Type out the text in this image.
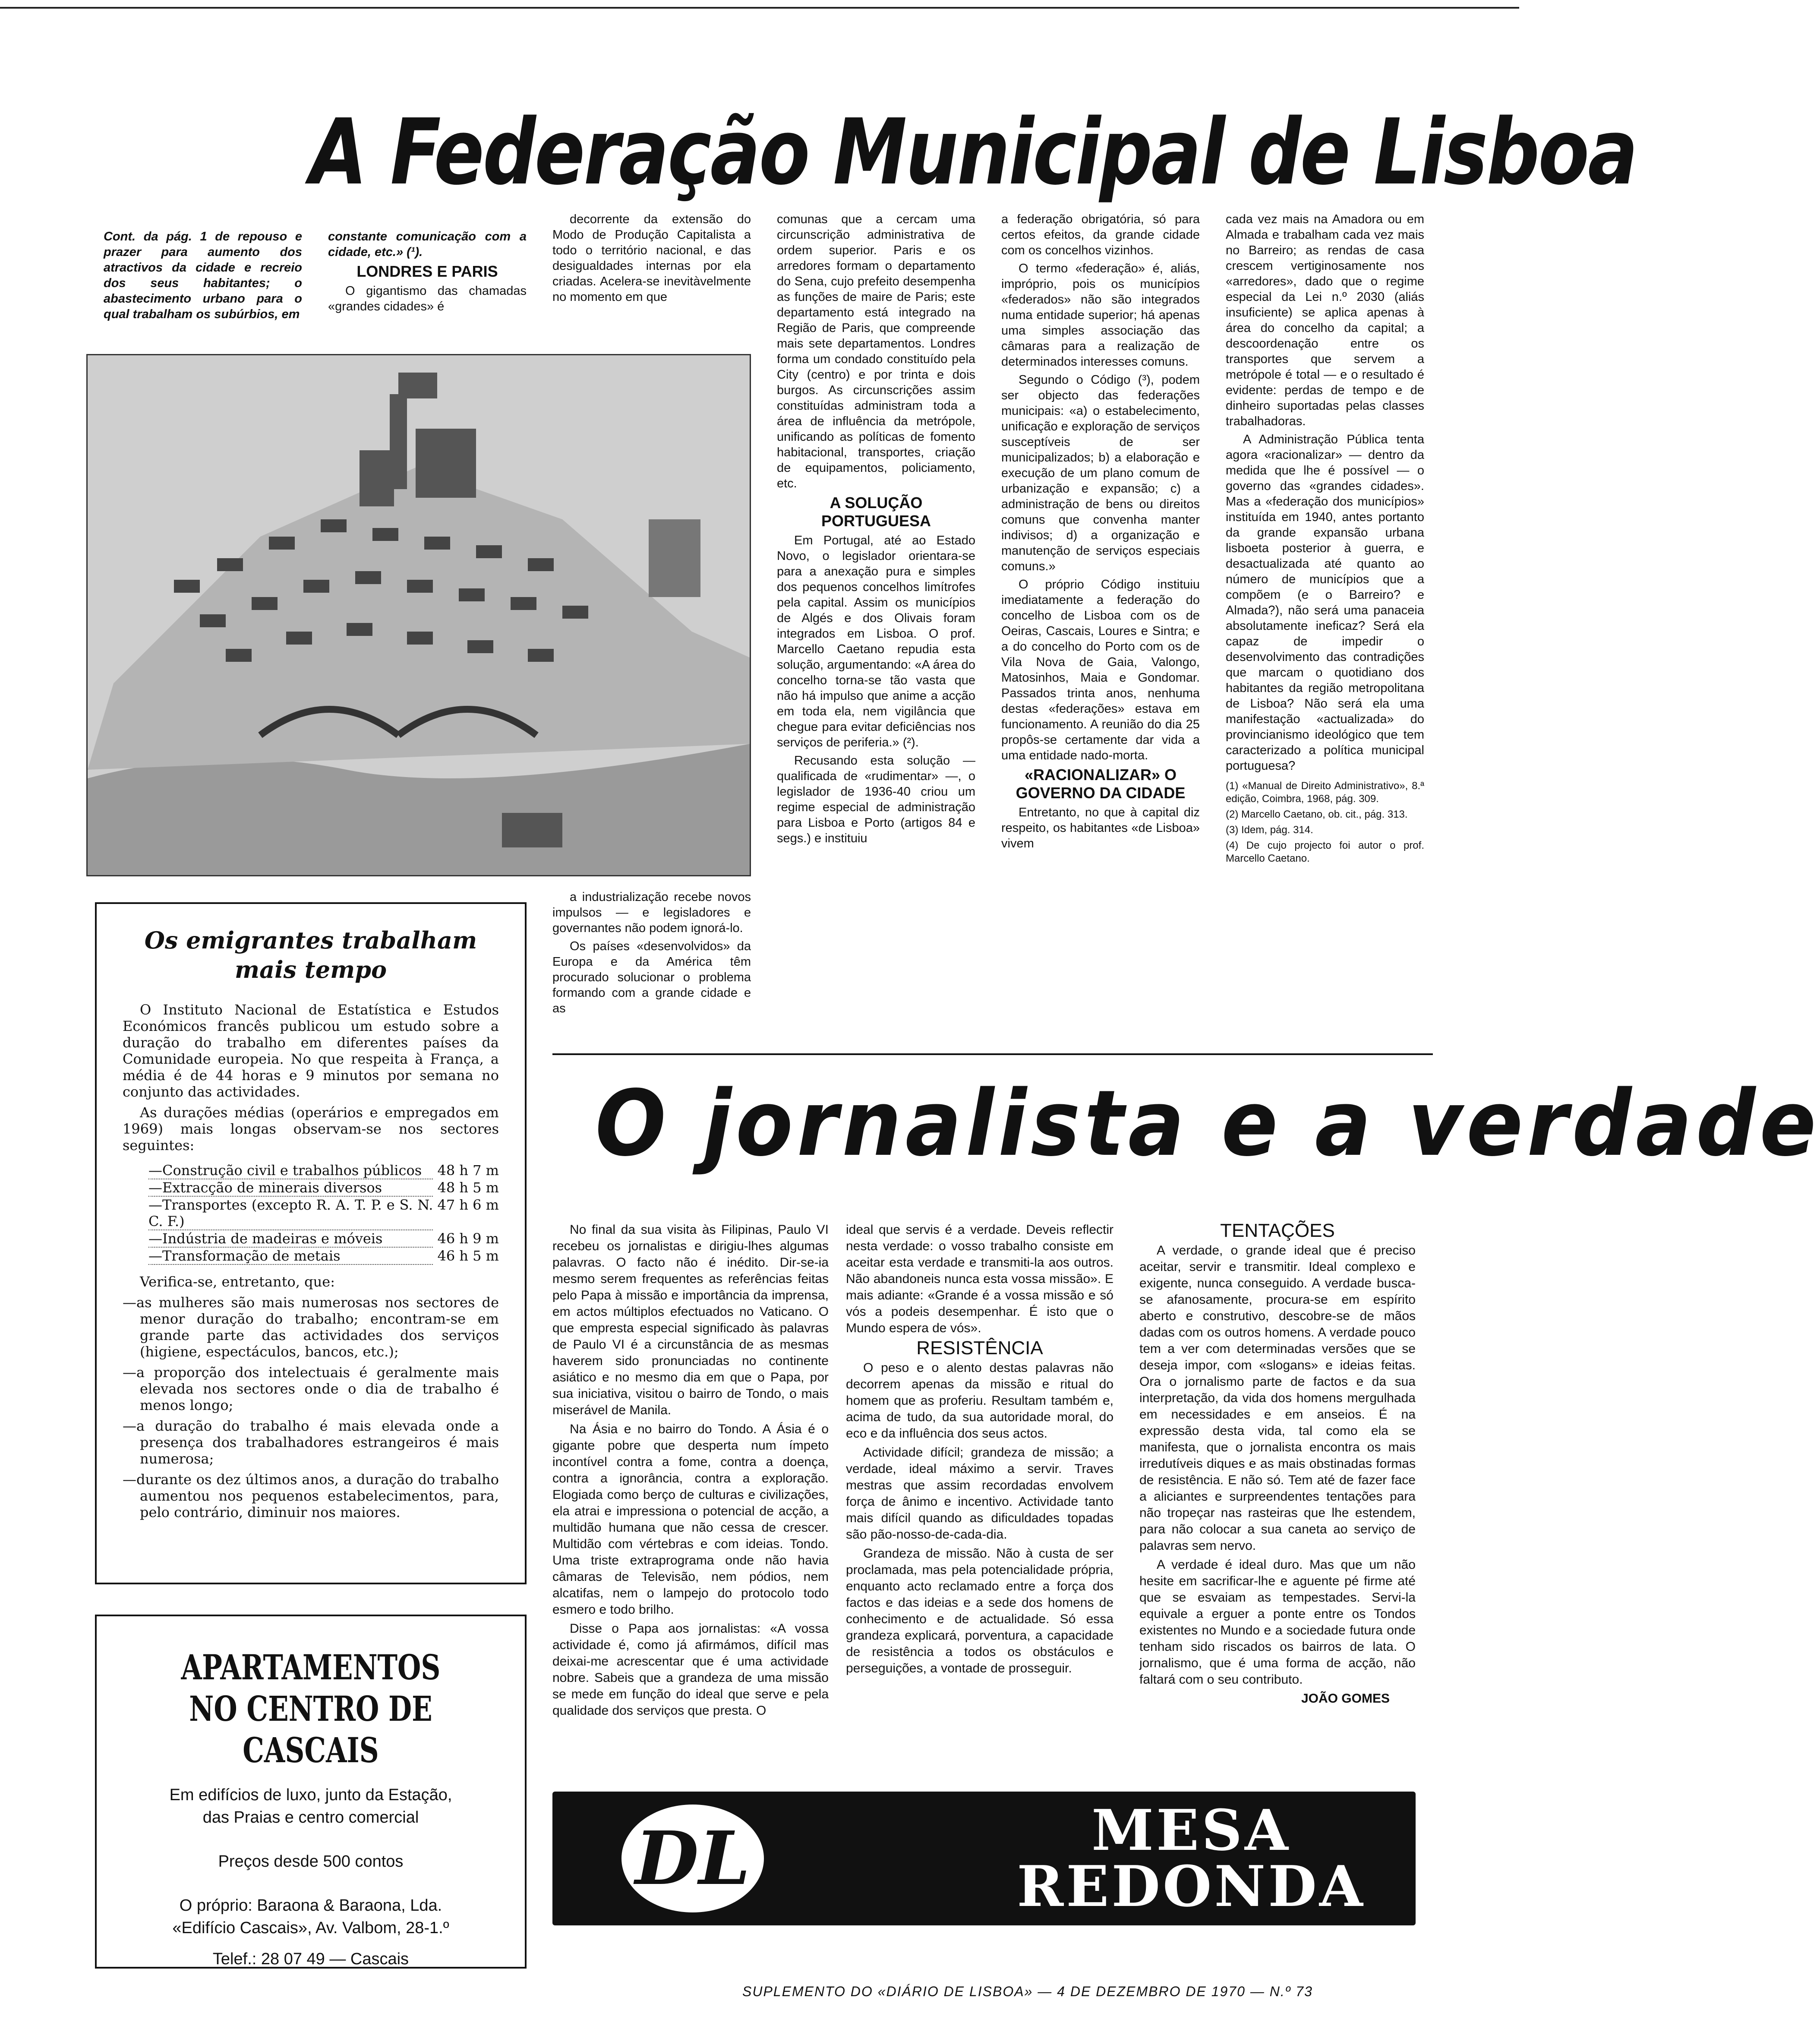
A Federação Municipal de Lisboa

Cont. da pág. 1 de repouso e prazer para aumento dos atractivos da cidade e recreio dos seus habitantes; o abastecimento urbano para o qual trabalham os subúrbios, em

constante comunicação com a cidade, etc.» (¹).

LONDRES E PARIS

O gigantismo das chamadas «grandes cidades» é

decorrente da extensão do Modo de Produção Capitalista a todo o território nacional, e das desigualdades internas por ela criadas. Acelera-se inevitàvelmente no momento em que

a industrialização recebe novos impulsos — e legisladores e governantes não podem ignorá-lo.

Os países «desenvolvidos» da Europa e da América têm procurado solucionar o problema formando com a grande cidade e as

comunas que a cercam uma circunscrição administrativa de ordem superior. Paris e os arredores formam o departamento do Sena, cujo prefeito desempenha as funções de maire de Paris; este departamento está integrado na Região de Paris, que compreende mais sete departamentos. Londres forma um condado constituído pela City (centro) e por trinta e dois burgos. As circunscrições assim constituídas administram toda a área de influência da metrópole, unificando as políticas de fomento habitacional, transportes, criação de equipamentos, policiamento, etc.

A SOLUÇÃO PORTUGUESA

Em Portugal, até ao Estado Novo, o legislador orientara-se para a anexação pura e simples dos pequenos concelhos limítrofes pela capital. Assim os municípios de Algés e dos Olivais foram integrados em Lisboa. O prof. Marcello Caetano repudia esta solução, argumentando: «A área do concelho torna-se tão vasta que não há impulso que anime a acção em toda ela, nem vigilância que chegue para evitar deficiências nos serviços de periferia.» (²).

Recusando esta solução — qualificada de «rudimentar» —, o legislador de 1936-40 criou um regime especial de administração para Lisboa e Porto (artigos 84 e segs.) e instituiu

a federação obrigatória, só para certos efeitos, da grande cidade com os concelhos vizinhos.

O termo «federação» é, aliás, impróprio, pois os municípios «federados» não são integrados numa entidade superior; há apenas uma simples associação das câmaras para a realização de determinados interesses comuns.

Segundo o Código (³), podem ser objecto das federações municipais: «a) o estabelecimento, unificação e exploração de serviços susceptíveis de ser municipalizados; b) a elaboração e execução de um plano comum de urbanização e expansão; c) a administração de bens ou direitos comuns que convenha manter indivisos; d) a organização e manutenção de serviços especiais comuns.»

O próprio Código instituiu imediatamente a federação do concelho de Lisboa com os de Oeiras, Cascais, Loures e Sintra; e a do concelho do Porto com os de Vila Nova de Gaia, Valongo, Matosinhos, Maia e Gondomar. Passados trinta anos, nenhuma destas «federações» estava em funcionamento. A reunião do dia 25 propôs-se certamente dar vida a uma entidade nado-morta.

«RACIONALIZAR» O GOVERNO DA CIDADE

Entretanto, no que à capital diz respeito, os habitantes «de Lisboa» vivem

cada vez mais na Amadora ou em Almada e trabalham cada vez mais no Barreiro; as rendas de casa crescem vertiginosamente nos «arredores», dado que o regime especial da Lei n.º 2030 (aliás insuficiente) se aplica apenas à área do concelho da capital; a descoordenação entre os transportes que servem a metrópole é total — e o resultado é evidente: perdas de tempo e de dinheiro suportadas pelas classes trabalhadoras.

A Administração Pública tenta agora «racionalizar» — dentro da medida que lhe é possível — o governo das «grandes cidades». Mas a «federação dos municípios» instituída em 1940, antes portanto da grande expansão urbana lisboeta posterior à guerra, e desactualizada até quanto ao número de municípios que a compõem (e o Barreiro? e Almada?), não será uma panaceia absolutamente ineficaz? Será ela capaz de impedir o desenvolvimento das contradições que marcam o quotidiano dos habitantes da região metropolitana de Lisboa? Não será ela uma manifestação «actualizada» do provincianismo ideológico que tem caracterizado a política municipal portuguesa?

(1) «Manual de Direito Administrativo», 8.ª edição, Coimbra, 1968, pág. 309.

(2) Marcello Caetano, ob. cit., pág. 313.

(3) Idem, pág. 314.

(4) De cujo projecto foi autor o prof. Marcello Caetano.

Os emigrantes trabalham mais tempo

O Instituto Nacional de Estatística e Estudos Económicos francês publicou um estudo sobre a duração do trabalho em diferentes países da Comunidade europeia. No que respeita à França, a média é de 44 horas e 9 minutos por semana no conjunto das actividades.

As durações médias (operários e empregados em 1969) mais longas observam-se nos sectores seguintes:

—Construção civil e trabalhos públicos	48 h 7 m
—Extracção de minerais diversos	48 h 5 m
—Transportes (excepto R. A. T. P. e S. N. C. F.)
47 h 6 m
—Indústria de madeiras e móveis	46 h 9 m
—Transformação de metais	46 h 5 m

Verifica-se, entretanto, que:

—as mulheres são mais numerosas nos sectores de menor duração do trabalho; encontram-se em grande parte das actividades dos serviços (higiene, espectáculos, bancos, etc.);

—a proporção dos intelectuais é geralmente mais elevada nos sectores onde o dia de trabalho é menos longo;

—a duração do trabalho é mais elevada onde a presença dos trabalhadores estrangeiros é mais numerosa;

—durante os dez últimos anos, a duração do trabalho aumentou nos pequenos estabelecimentos, para, pelo contrário, diminuir nos maiores.

APARTAMENTOS
NO CENTRO DE CASCAIS

Em edifícios de luxo, junto da Estação,

das Praias e centro comercial

Preços desde 500 contos

O próprio: Baraona & Baraona, Lda.

«Edifício Cascais», Av. Valbom, 28-1.º

Telef.: 28 07 49 — Cascais

O jornalista e a verdade

No final da sua visita às Filipinas, Paulo VI recebeu os jornalistas e dirigiu-lhes algumas palavras. O facto não é inédito. Dir-se-ia mesmo serem frequentes as referências feitas pelo Papa à missão e importância da imprensa, em actos múltiplos efectuados no Vaticano. O que empresta especial significado às palavras de Paulo VI é a circunstância de as mesmas haverem sido pronunciadas no continente asiático e no mesmo dia em que o Papa, por sua iniciativa, visitou o bairro de Tondo, o mais miserável de Manila.

Na Ásia e no bairro do Tondo. A Ásia é o gigante pobre que desperta num ímpeto incontível contra a fome, contra a doença, contra a ignorância, contra a exploração. Elogiada como berço de culturas e civilizações, ela atrai e impressiona o potencial de acção, a multidão humana que não cessa de crescer. Multidão com vértebras e com ideias. Tondo. Uma triste extraprograma onde não havia câmaras de Televisão, nem pódios, nem alcatifas, nem o lampejo do protocolo todo esmero e todo brilho.

Disse o Papa aos jornalistas: «A vossa actividade é, como já afirmámos, difícil mas deixai-me acrescentar que é uma actividade nobre. Sabeis que a grandeza de uma missão se mede em função do ideal que serve e pela qualidade dos serviços que presta. O

ideal que servis é a verdade. Deveis reflectir nesta verdade: o vosso trabalho consiste em aceitar esta verdade e transmiti-la aos outros. Não abandoneis nunca esta vossa missão». E mais adiante: «Grande é a vossa missão e só vós a podeis desempenhar. É isto que o Mundo espera de vós».

RESISTÊNCIA

O peso e o alento destas palavras não decorrem apenas da missão e ritual do homem que as proferiu. Resultam também e, acima de tudo, da sua autoridade moral, do eco e da influência dos seus actos.

Actividade difícil; grandeza de missão; a verdade, ideal máximo a servir. Traves mestras que assim recordadas envolvem força de ânimo e incentivo. Actividade tanto mais difícil quando as dificuldades topadas são pão-nosso-de-cada-dia.

Grandeza de missão. Não à custa de ser proclamada, mas pela potencialidade própria, enquanto acto reclamado entre a força dos factos e das ideias e a sede dos homens de conhecimento e de actualidade. Só essa grandeza explicará, porventura, a capacidade de resistência a todos os obstáculos e perseguições, a vontade de prosseguir.

TENTAÇÕES

A verdade, o grande ideal que é preciso aceitar, servir e transmitir. Ideal complexo e exigente, nunca conseguido. A verdade busca-se afanosamente, procura-se em espírito aberto e construtivo, descobre-se de mãos dadas com os outros homens. A verdade pouco tem a ver com determinadas versões que se deseja impor, com «slogans» e ideias feitas. Ora o jornalismo parte de factos e da sua interpretação, da vida dos homens mergulhada em necessidades e em anseios. É na expressão desta vida, tal como ela se manifesta, que o jornalista encontra os mais irredutíveis diques e as mais obstinadas formas de resistência. E não só. Tem até de fazer face a aliciantes e surpreendentes tentações para não tropeçar nas rasteiras que lhe estendem, para não colocar a sua caneta ao serviço de palavras sem nervo.

A verdade é ideal duro. Mas que um não hesite em sacrificar-lhe e aguente pé firme até que se esvaiam as tempestades. Servi-la equivale a erguer a ponte entre os Tondos existentes no Mundo e a sociedade futura onde tenham sido riscados os bairros de lata. O jornalismo, que é uma forma de acção, não faltará com o seu contributo.

JOÃO GOMES

DL	MESA
REDONDA
SUPLEMENTO DO «DIÁRIO DE LISBOA» — 4 DE DEZEMBRO DE 1970 — N.º 73
